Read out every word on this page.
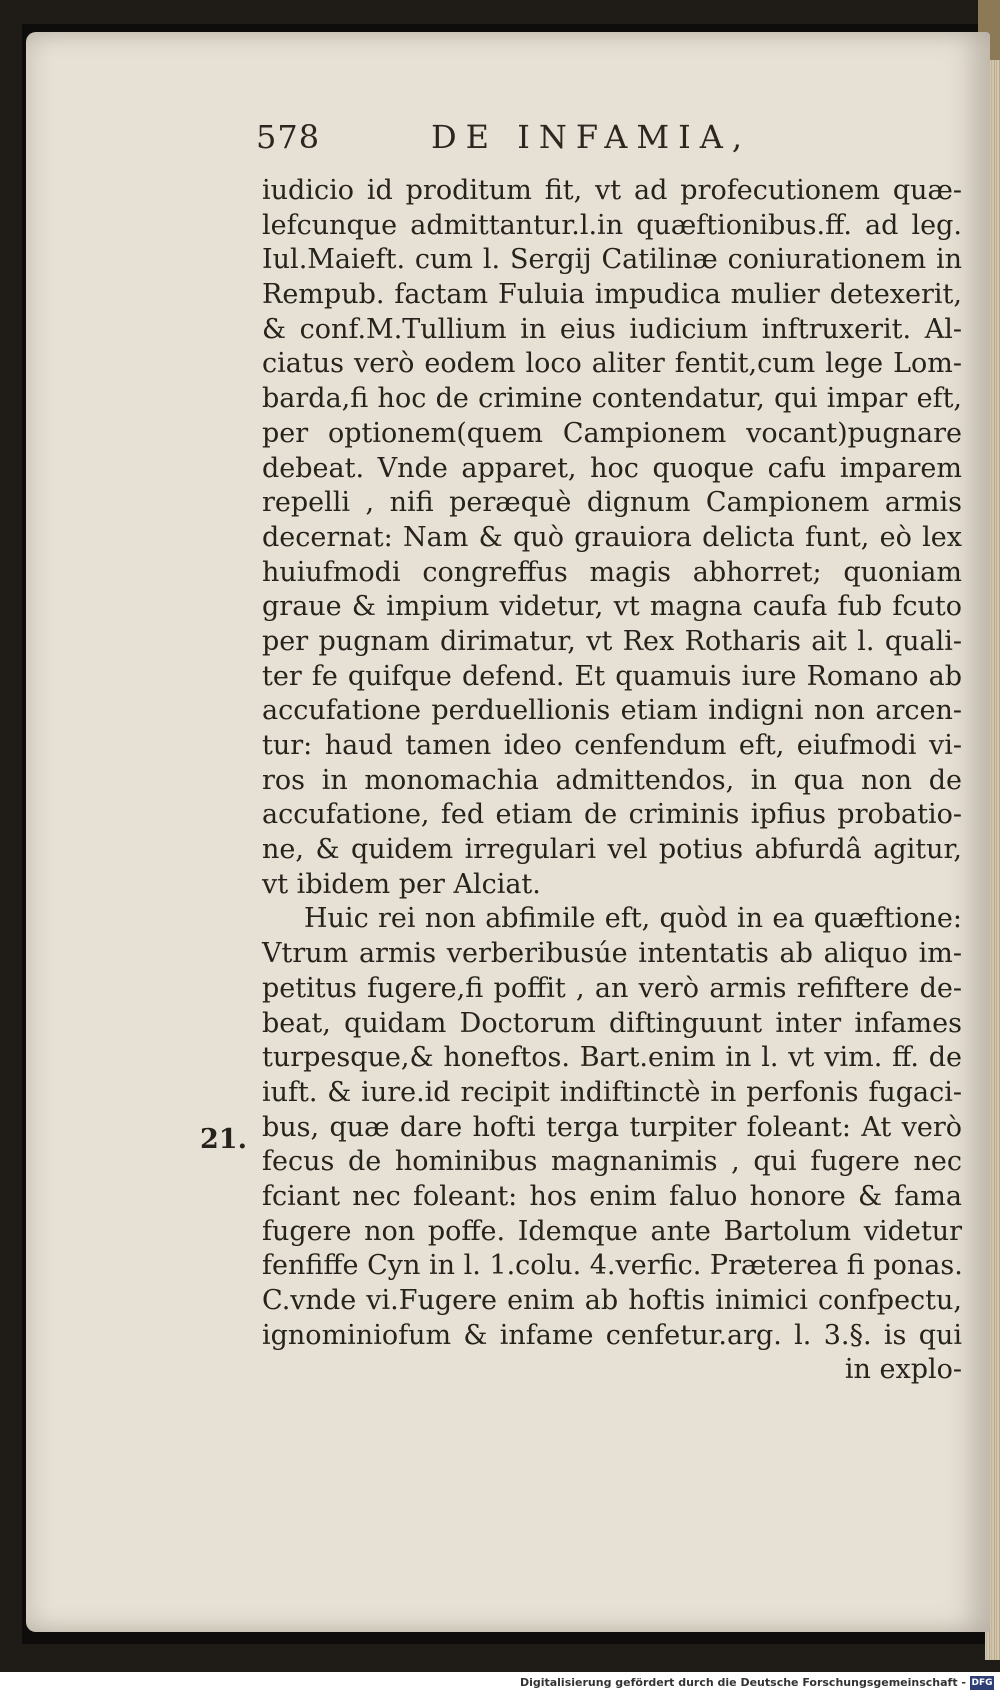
578	DE INFAMIA,
iudicio id proditum fit, vt ad profecutionem quæ-
lefcunque admittantur.l.in quæftionibus.ff. ad leg.
Iul.Maieft. cum l. Sergij Catilinæ coniurationem in
Rempub. factam Fuluia impudica mulier detexerit,
& conf.M.Tullium in eius iudicium inftruxerit. Al-
ciatus verò eodem loco aliter fentit,cum lege Lom-
barda,fi hoc de crimine contendatur, qui impar eft,
per optionem(quem Campionem vocant)pugnare
debeat. Vnde apparet, hoc quoque cafu imparem
repelli , nifi peræquè dignum Campionem armis
decernat: Nam & quò grauiora delicta funt, eò lex
huiufmodi congreffus magis abhorret; quoniam
graue & impium videtur, vt magna caufa fub fcuto
per pugnam dirimatur, vt Rex Rotharis ait l. quali-
ter fe quifque defend. Et quamuis iure Romano ab
accufatione perduellionis etiam indigni non arcen-
tur: haud tamen ideo cenfendum eft, eiufmodi vi-
ros in monomachia admittendos, in qua non de
accufatione, fed etiam de criminis ipfius probatio-
ne, & quidem irregulari vel potius abfurdâ agitur,
vt ibidem per Alciat.
Huic rei non abfimile eft, quòd in ea quæftione:
Vtrum armis verberibusúe intentatis ab aliquo im-
petitus fugere,fi poffit , an verò armis refiftere de-
beat, quidam Doctorum diftinguunt inter infames
turpesque,& honeftos. Bart.enim in l. vt vim. ff. de
iuft. & iure.id recipit indiftinctè in perfonis fugaci-
bus, quæ dare hofti terga turpiter foleant: At verò
fecus de hominibus magnanimis , qui fugere nec
fciant nec foleant: hos enim faluo honore & fama
fugere non poffe. Idemque ante Bartolum videtur
fenfiffe Cyn in l. 1.colu. 4.verfic. Præterea fi ponas.
C.vnde vi.Fugere enim ab hoftis inimici confpectu,
ignominiofum & infame cenfetur.arg. l. 3.§. is qui
in explo-
21.
Digitalisierung gefördert durch die Deutsche Forschungsgemeinschaft - DFG
